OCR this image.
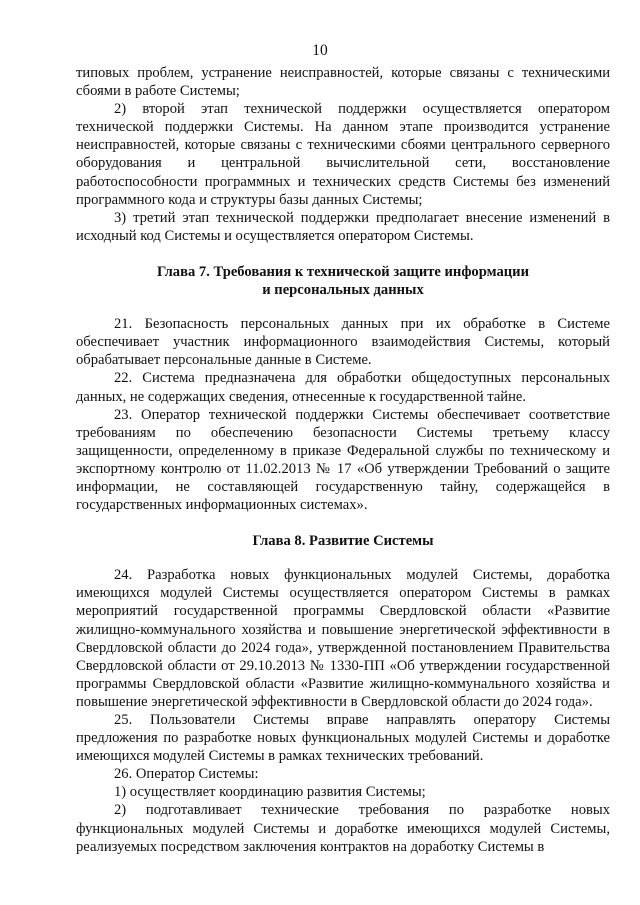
10

типовых проблем, устранение неисправностей, которые связаны с техническими сбоями в работе Системы;

2) второй этап технической поддержки осуществляется оператором технической поддержки Системы. На данном этапе производится устранение неисправностей, которые связаны с техническими сбоями центрального серверного оборудования и центральной вычислительной сети, восстановление работоспособности программных и технических средств Системы без изменений программного кода и структуры базы данных Системы;

3) третий этап технической поддержки предполагает внесение изменений в исходный код Системы и осуществляется оператором Системы.

Глава 7. Требования к технической защите информации
и персональных данных

21. Безопасность персональных данных при их обработке в Системе обеспечивает участник информационного взаимодействия Системы, который обрабатывает персональные данные в Системе.

22. Система предназначена для обработки общедоступных персональных данных, не содержащих сведения, отнесенные к государственной тайне.

23. Оператор технической поддержки Системы обеспечивает соответствие требованиям по обеспечению безопасности Системы третьему классу защищенности, определенному в приказе Федеральной службы по техническому и экспортному контролю от 11.02.2013 № 17 «Об утверждении Требований о защите информации, не составляющей государственную тайну, содержащейся в государственных информационных системах».

Глава 8. Развитие Системы

24. Разработка новых функциональных модулей Системы, доработка имеющихся модулей Системы осуществляется оператором Системы в рамках мероприятий государственной программы Свердловской области «Развитие жилищно-коммунального хозяйства и повышение энергетической эффективности в Свердловской области до 2024 года», утвержденной постановлением Правительства Свердловской области от 29.10.2013 № 1330-ПП «Об утверждении государственной программы Свердловской области «Развитие жилищно-коммунального хозяйства и повышение энергетической эффективности в Свердловской области до 2024 года».

25. Пользователи Системы вправе направлять оператору Системы предложения по разработке новых функциональных модулей Системы и доработке имеющихся модулей Системы в рамках технических требований.

26. Оператор Системы:

1) осуществляет координацию развития Системы;

2) подготавливает технические требования по разработке новых функциональных модулей Системы и доработке имеющихся модулей Системы, реализуемых посредством заключения контрактов на доработку Системы в
